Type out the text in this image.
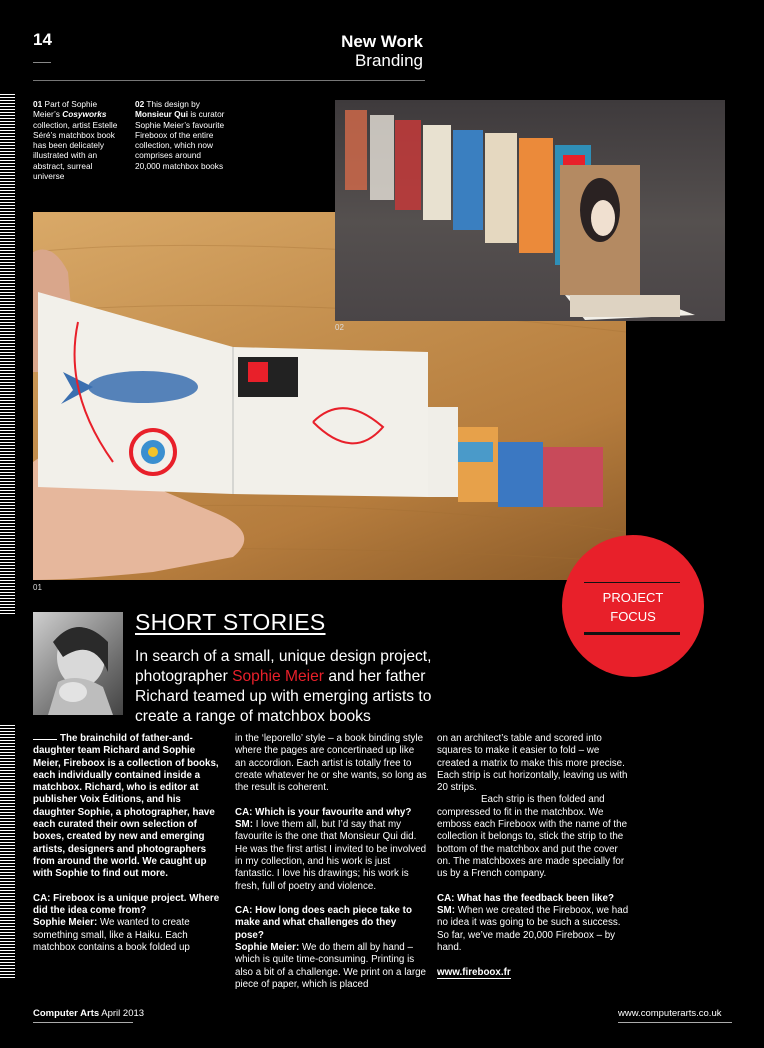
14	New Work
Branding
01 Part of Sophie Meier’s Cosyworks collection, artist Estelle Séré’s matchbox book has been delicately illustrated with an abstract, surreal universe
02 This design by Monsieur Qui is curator Sophie Meier’s favourite Fireboox of the entire collection, which now comprises around 20,000 matchbox books
01
02
PROJECT
FOCUS
SHORT STORIES
In search of a small, unique design project, photographer Sophie Meier and her father Richard teamed up with emerging artists to create a range of matchbox books

The brainchild of father-and-daughter team Richard and Sophie Meier, Fireboox is a collection of books, each individually contained inside a matchbox. Richard, who is editor at publisher Voix Éditions, and his daughter Sophie, a photographer, have each curated their own selection of boxes, created by new and emerging artists, designers and photographers from around the world. We caught up with Sophie to find out more.

CA: Fireboox is a unique project. Where did the idea come from?

Sophie Meier: We wanted to create something small, like a Haiku. Each matchbox contains a book folded up

in the ‘leporello’ style – a book binding style where the pages are concertinaed up like an accordion. Each artist is totally free to create whatever he or she wants, so long as the result is coherent.

CA: Which is your favourite and why?

SM: I love them all, but I’d say that my favourite is the one that Monsieur Qui did. He was the first artist I invited to be involved in my collection, and his work is just fantastic. I love his drawings; his work is fresh, full of poetry and violence.

CA: How long does each piece take to make and what challenges do they pose?
Sophie Meier: We do them all by hand – which is quite time-consuming. Printing is also a bit of a challenge. We print on a large piece of paper, which is placed

on an architect’s table and scored into squares to make it easier to fold – we created a matrix to make this more precise. Each strip is cut horizontally, leaving us with 20 strips.
Each strip is then folded and compressed to fit in the matchbox. We emboss each Fireboox with the name of the collection it belongs to, stick the strip to the bottom of the matchbox and put the cover on. The matchboxes are made specially for us by a French company.

CA: What has the feedback been like?

SM: When we created the Fireboox, we had no idea it was going to be such a success. So far, we’ve made 20,000 Fireboox – by hand.

www.fireboox.fr
Computer Arts April 2013	www.computerarts.co.uk
